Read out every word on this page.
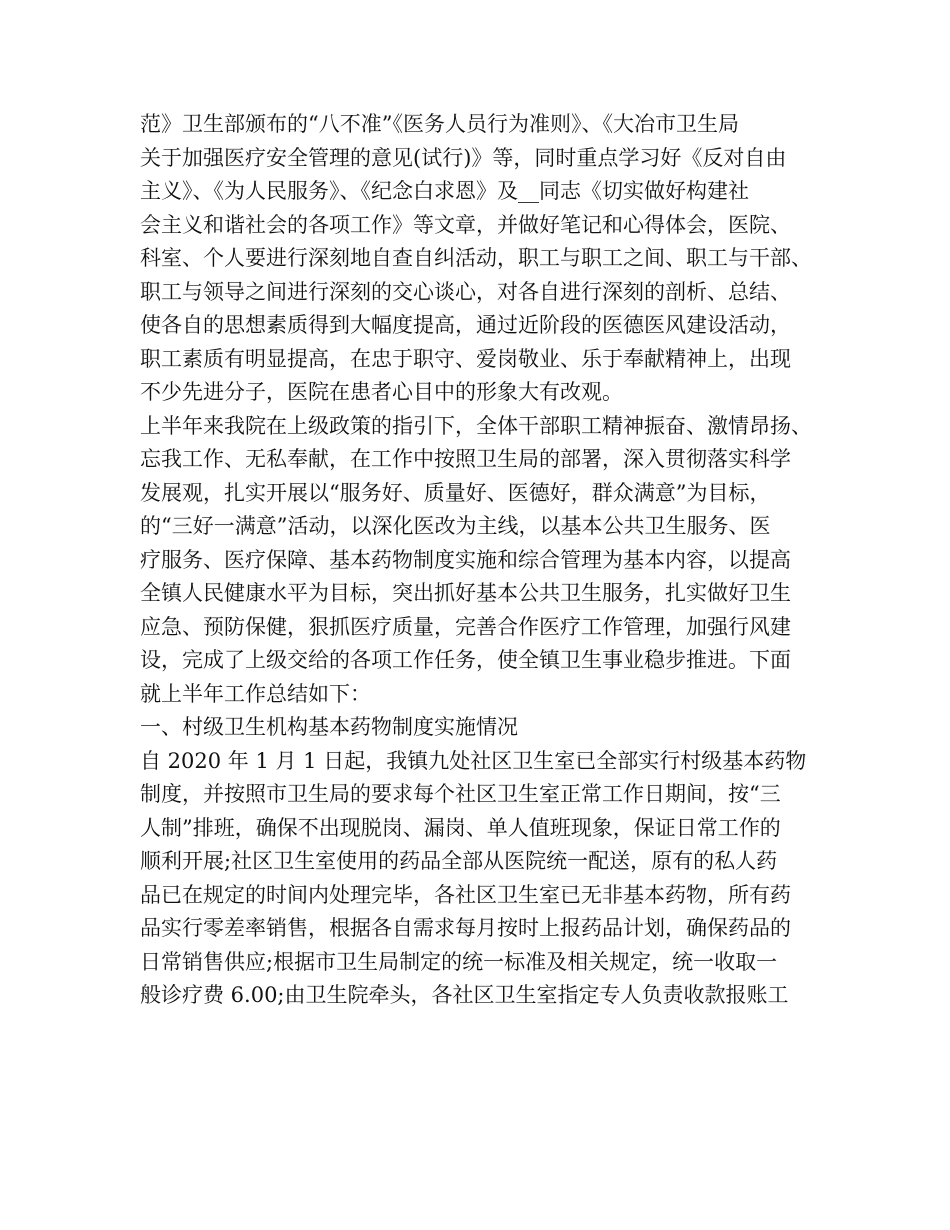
范》卫生部颁布的“八不准”《医务人员行为准则》、《大冶市卫生局
关于加强医疗安全管理的意见(试行)》等，同时重点学习好《反对自由
主义》、《为人民服务》、《纪念白求恩》及__同志《切实做好构建社
会主义和谐社会的各项工作》等文章，并做好笔记和心得体会，医院、
科室、个人要进行深刻地自查自纠活动，职工与职工之间、职工与干部、
职工与领导之间进行深刻的交心谈心，对各自进行深刻的剖析、总结、
使各自的思想素质得到大幅度提高，通过近阶段的医德医风建设活动，
职工素质有明显提高，在忠于职守、爱岗敬业、乐于奉献精神上，出现
不少先进分子，医院在患者心目中的形象大有改观。
上半年来我院在上级政策的指引下，全体干部职工精神振奋、激情昂扬、
忘我工作、无私奉献，在工作中按照卫生局的部署，深入贯彻落实科学
发展观，扎实开展以“服务好、质量好、医德好，群众满意”为目标，
的“三好一满意”活动，以深化医改为主线，以基本公共卫生服务、医
疗服务、医疗保障、基本药物制度实施和综合管理为基本内容，以提高
全镇人民健康水平为目标，突出抓好基本公共卫生服务，扎实做好卫生
应急、预防保健，狠抓医疗质量，完善合作医疗工作管理，加强行风建
设，完成了上级交给的各项工作任务，使全镇卫生事业稳步推进。下面
就上半年工作总结如下：
一、村级卫生机构基本药物制度实施情况
自 2020 年 1 月 1 日起，我镇九处社区卫生室已全部实行村级基本药物
制度，并按照市卫生局的要求每个社区卫生室正常工作日期间，按“三
人制”排班，确保不出现脱岗、漏岗、单人值班现象，保证日常工作的
顺利开展;社区卫生室使用的药品全部从医院统一配送，原有的私人药
品已在规定的时间内处理完毕，各社区卫生室已无非基本药物，所有药
品实行零差率销售，根据各自需求每月按时上报药品计划，确保药品的
日常销售供应;根据市卫生局制定的统一标准及相关规定，统一收取一
般诊疗费 6.00;由卫生院牵头，各社区卫生室指定专人负责收款报账工
